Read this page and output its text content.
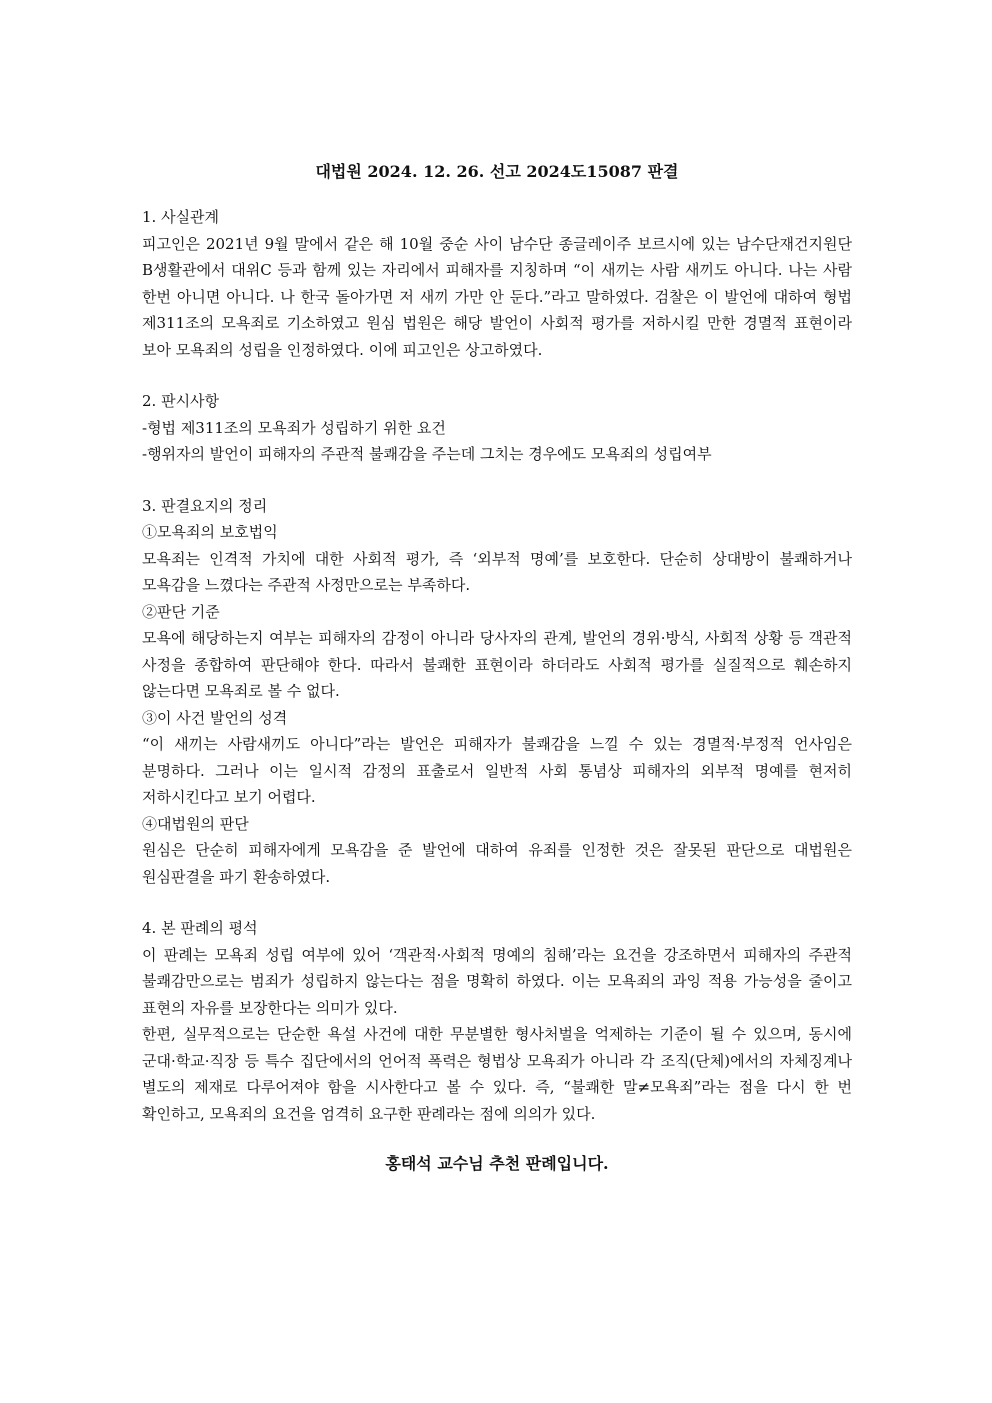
대법원 2024. 12. 26. 선고 2024도15087 판결

1. 사실관계

피고인은 2021년 9월 말에서 같은 해 10월 중순 사이 남수단 종글레이주 보르시에 있는 남수단재건지원단 B생활관에서 대위C 등과 함께 있는 자리에서 피해자를 지칭하며 “이 새끼는 사람 새끼도 아니다. 나는 사람 한번 아니면 아니다. 나 한국 돌아가면 저 새끼 가만 안 둔다.”라고 말하였다. 검찰은 이 발언에 대하여 형법 제311조의 모욕죄로 기소하였고 원심 법원은 해당 발언이 사회적 평가를 저하시킬 만한 경멸적 표현이라 보아 모욕죄의 성립을 인정하였다. 이에 피고인은 상고하였다.

2. 판시사항

-형법 제311조의 모욕죄가 성립하기 위한 요건

-행위자의 발언이 피해자의 주관적 불쾌감을 주는데 그치는 경우에도 모욕죄의 성립여부

3. 판결요지의 정리

①모욕죄의 보호법익

모욕죄는 인격적 가치에 대한 사회적 평가, 즉 ‘외부적 명예’를 보호한다. 단순히 상대방이 불쾌하거나 모욕감을 느꼈다는 주관적 사정만으로는 부족하다.

②판단 기준

모욕에 해당하는지 여부는 피해자의 감정이 아니라 당사자의 관계, 발언의 경위·방식, 사회적 상황 등 객관적 사정을 종합하여 판단해야 한다. 따라서 불쾌한 표현이라 하더라도 사회적 평가를 실질적으로 훼손하지 않는다면 모욕죄로 볼 수 없다.

③이 사건 발언의 성격

“이 새끼는 사람새끼도 아니다”라는 발언은 피해자가 불쾌감을 느낄 수 있는 경멸적·부정적 언사임은 분명하다. 그러나 이는 일시적 감정의 표출로서 일반적 사회 통념상 피해자의 외부적 명예를 현저히 저하시킨다고 보기 어렵다.

④대법원의 판단

원심은 단순히 피해자에게 모욕감을 준 발언에 대하여 유죄를 인정한 것은 잘못된 판단으로 대법원은 원심판결을 파기 환송하였다.

4. 본 판례의 평석

이 판례는 모욕죄 성립 여부에 있어 ‘객관적·사회적 명예의 침해’라는 요건을 강조하면서 피해자의 주관적 불쾌감만으로는 범죄가 성립하지 않는다는 점을 명확히 하였다. 이는 모욕죄의 과잉 적용 가능성을 줄이고 표현의 자유를 보장한다는 의미가 있다.

한편, 실무적으로는 단순한 욕설 사건에 대한 무분별한 형사처벌을 억제하는 기준이 될 수 있으며, 동시에 군대·학교·직장 등 특수 집단에서의 언어적 폭력은 형법상 모욕죄가 아니라 각 조직(단체)에서의 자체징계나 별도의 제재로 다루어져야 함을 시사한다고 볼 수 있다. 즉, “불쾌한 말≠모욕죄”라는 점을 다시 한 번 확인하고, 모욕죄의 요건을 엄격히 요구한 판례라는 점에 의의가 있다.

홍태석 교수님 추천 판례입니다.
